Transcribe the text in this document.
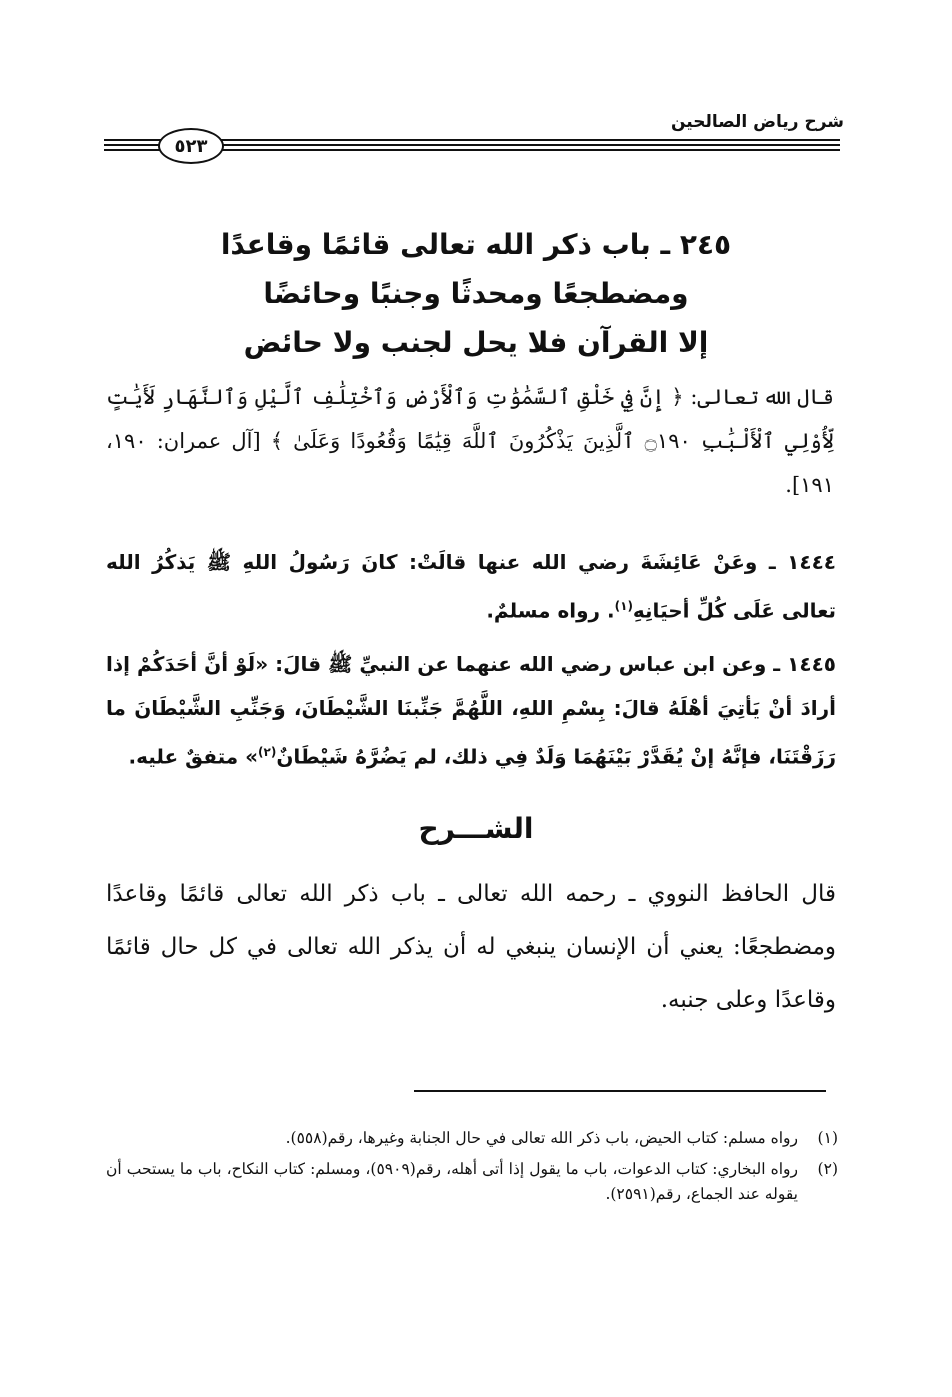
شرح رياض الصالحين
٥٢٣
٢٤٥ ـ باب ذكر الله تعالى قائمًا وقاعدًا
ومضطجعًا ومحدثًا وجنبًا وحائضًا
إلا القرآن فلا يحل لجنب ولا حائض
قال الله تعالى: ﴿ إِنَّ فِي خَلْقِ ٱلسَّمَٰوَٰتِ وَٱلْأَرْضِ وَٱخْتِلَٰفِ ٱلَّيْلِ وَٱلنَّهَارِ لَأَيَٰتٍ لِّأُوْلِي ٱلْأَلْبَٰبِ ۝١٩٠ ٱلَّذِينَ يَذْكُرُونَ ٱللَّهَ قِيَٰمًا وَقُعُودًا وَعَلَىٰ ﴾ [آل عمران: ١٩٠، ١٩١].
١٤٤٤ ـ وعَنْ عَائِشَةَ رضي الله عنها قالَتْ: كانَ رَسُولُ اللهِ ﷺ يَذكُرُ الله تعالى عَلَى كُلِّ أحيَانِهِ$^{(١)}$. رواه مسلمٌ.
١٤٤٥ ـ وعن ابن عباس رضي الله عنهما عن النبيِّ ﷺ قالَ: «لَوْ أنَّ أحَدَكُمْ إذا أرادَ أنْ يَأتِيَ أهْلَهُ قالَ: بِسْمِ اللهِ، اللَّهُمَّ جَنِّبنَا الشَّيْطَانَ، وَجَنِّبِ الشَّيْطَانَ ما رَزَقْتَنَا، فإنَّهُ إنْ يُقَدَّرْ بَيْنَهُمَا وَلَدٌ فِي ذلك، لم يَضُرَّهُ شَيْطَانٌ$^{(٢)}$» متفقٌ عليه.
الشـــرح
قال الحافظ النووي ـ رحمه الله تعالى ـ باب ذكر الله تعالى قائمًا وقاعدًا ومضطجعًا: يعني أن الإنسان ينبغي له أن يذكر الله تعالى في كل حال قائمًا وقاعدًا وعلى جنبه.
(١)
رواه مسلم: كتاب الحيض، باب ذكر الله تعالى في حال الجنابة وغيرها، رقم(٥٥٨).
(٢)
رواه البخاري: كتاب الدعوات، باب ما يقول إذا أتى أهله، رقم(٥٩٠٩)، ومسلم: كتاب النكاح، باب ما يستحب أن يقوله عند الجماع، رقم(٢٥٩١).
